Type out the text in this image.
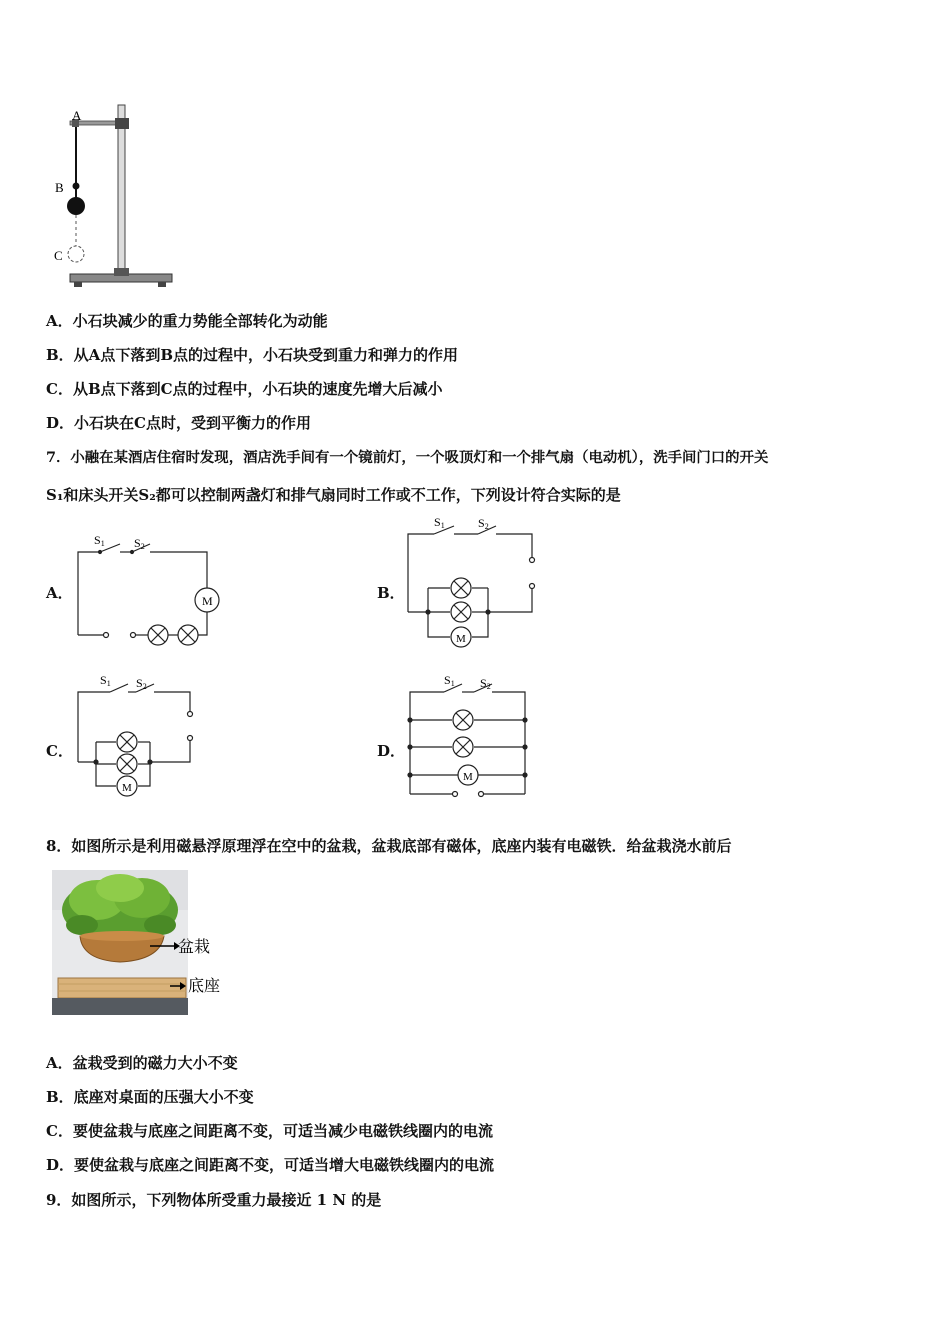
A
B
C
A．小石块减少的重力势能全部转化为动能
B．从A点下落到B点的过程中，小石块受到重力和弹力的作用
C．从B点下落到C点的过程中，小石块的速度先增大后减小
D．小石块在C点时，受到平衡力的作用
7．小融在某酒店住宿时发现，酒店洗手间有一个镜前灯，一个吸顶灯和一个排气扇（电动机），洗手间门口的开关
S₁和床头开关S₂都可以控制两盏灯和排气扇同时工作或不工作，下列设计符合实际的是
A．	B．
C．	D．
S1 S2
M
S1	S2
M
S1 S2
M
S1 S2
M
8．如图所示是利用磁悬浮原理浮在空中的盆栽，盆栽底部有磁体，底座内装有电磁铁．给盆栽浇水前后
盆栽
底座
A．盆栽受到的磁力大小不变
B．底座对桌面的压强大小不变
C．要使盆栽与底座之间距离不变，可适当减少电磁铁线圈内的电流
D．要使盆栽与底座之间距离不变，可适当增大电磁铁线圈内的电流
9．如图所示，下列物体所受重力最接近 1 N 的是
